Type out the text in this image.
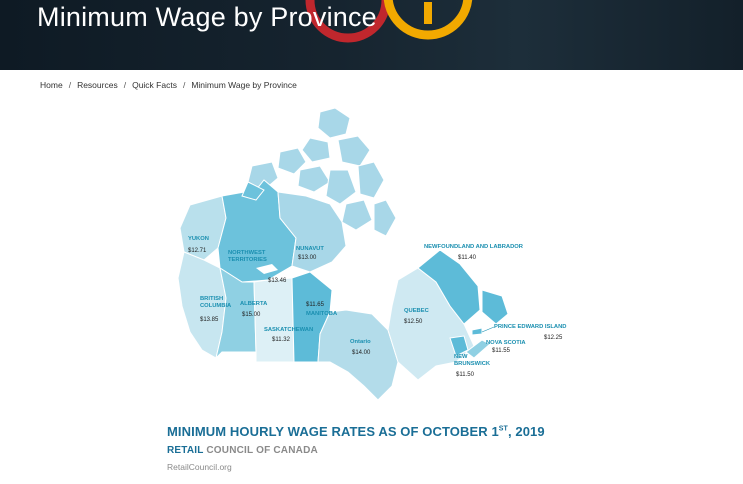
Minimum Wage by Province
Home / Resources / Quick Facts / Minimum Wage by Province
YUKON
$12.71	NORTHWEST
TERRITORIES
$13.46
NUNAVUT
$13.00
BRITISH
COLUMBIA
$13.85
ALBERTA
$15.00	MANITOBA
$11.65
SASKATCHEWAN
$11.32	Ontario
$14.00
QUEBEC
$12.50
NEWFOUNDLAND AND LABRADOR
$11.40
PRINCE EDWARD ISLAND
$12.25
NOVA SCOTIA
$11.55
NEW
BRUNSWICK
$11.50
MINIMUM HOURLY WAGE RATES AS OF OCTOBER 1ST, 2019
RETAIL COUNCIL OF CANADA
RetailCouncil.org
